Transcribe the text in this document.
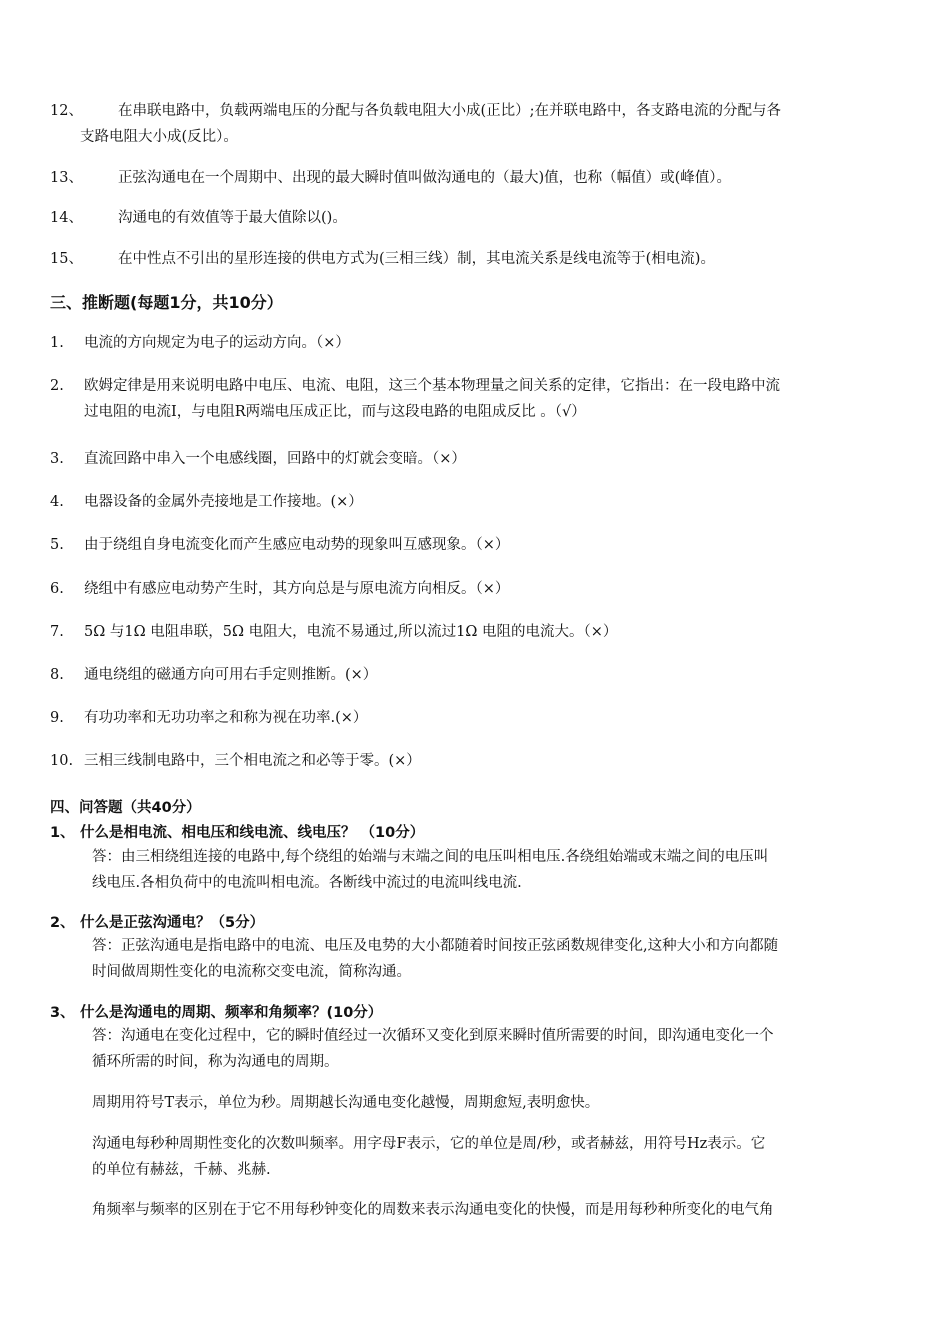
12、	在串联电路中，负载两端电压的分配与各负载电阻大小成(正比）;在并联电路中，各支路电流的分配与各
支路电阻大小成(反比）。
13、	正弦沟通电在一个周期中、出现的最大瞬时值叫做沟通电的（最大)值，也称（幅值）或(峰值）。
14、	沟通电的有效值等于最大值除以()。
15、	在中性点不引出的星形连接的供电方式为(三相三线）制，其电流关系是线电流等于(相电流)。
三、推断题(每题1分，共10分）
1.	电流的方向规定为电子的运动方向。（×）
2.	欧姆定律是用来说明电路中电压、电流、电阻，这三个基本物理量之间关系的定律，它指出：在一段电路中流
过电阻的电流I，与电阻R两端电压成正比，而与这段电路的电阻成反比 。（√）
3.	直流回路中串入一个电感线圈，回路中的灯就会变暗。（×）
4.	电器设备的金属外壳接地是工作接地。(×）
5.	由于绕组自身电流变化而产生感应电动势的现象叫互感现象。（×）
6.	绕组中有感应电动势产生时，其方向总是与原电流方向相反。（×）
7.	5Ω 与1Ω 电阻串联，5Ω 电阻大，电流不易通过,所以流过1Ω 电阻的电流大。（×）
8.	通电绕组的磁通方向可用右手定则推断。(×）
9.	有功功率和无功功率之和称为视在功率.(×）
10. 三相三线制电路中，三个相电流之和必等于零。(×）
四、问答题（共40分）
1、 什么是相电流、相电压和线电流、线电压？ （10分）
答：由三相绕组连接的电路中,每个绕组的始端与末端之间的电压叫相电压.各绕组始端或末端之间的电压叫
线电压.各相负荷中的电流叫相电流。各断线中流过的电流叫线电流.
2、 什么是正弦沟通电？（5分）
答：正弦沟通电是指电路中的电流、电压及电势的大小都随着时间按正弦函数规律变化,这种大小和方向都随
时间做周期性变化的电流称交变电流，简称沟通。
3、 什么是沟通电的周期、频率和角频率？(10分）
答：沟通电在变化过程中，它的瞬时值经过一次循环又变化到原来瞬时值所需要的时间，即沟通电变化一个
循环所需的时间，称为沟通电的周期。
周期用符号T表示，单位为秒。周期越长沟通电变化越慢，周期愈短,表明愈快。
沟通电每秒种周期性变化的次数叫频率。用字母F表示，它的单位是周/秒，或者赫兹，用符号Hz表示。它
的单位有赫兹，千赫、兆赫.
角频率与频率的区别在于它不用每秒钟变化的周数来表示沟通电变化的快慢，而是用每秒种所变化的电气角
